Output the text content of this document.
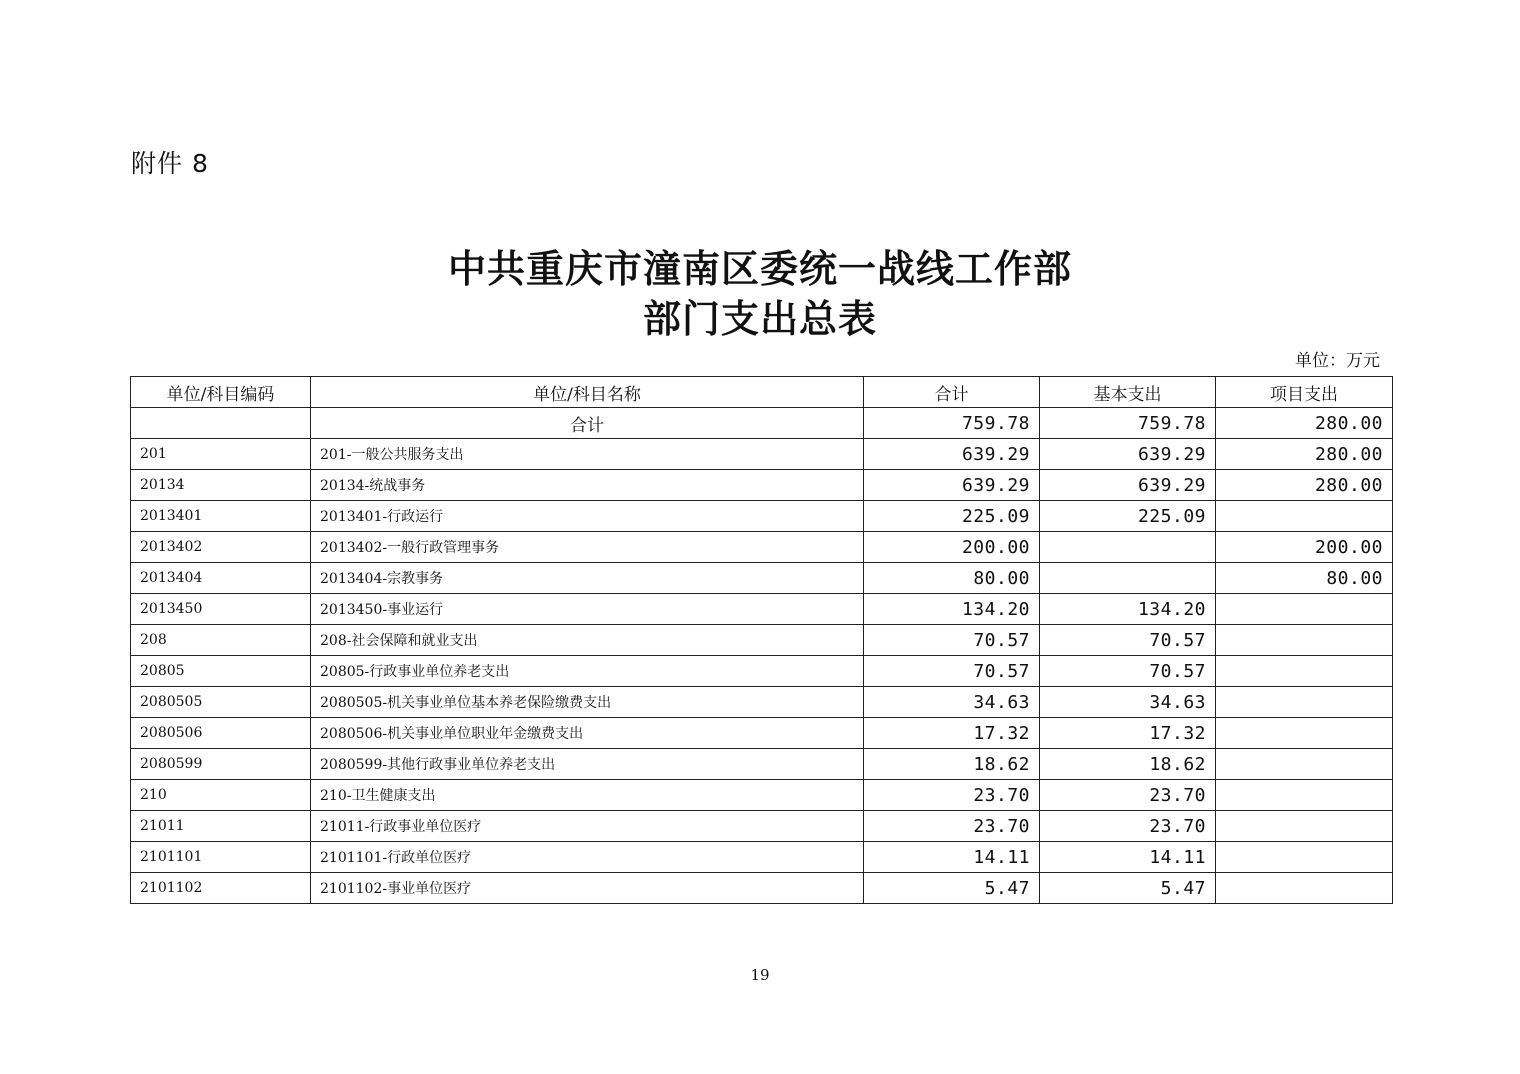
附件 8
中共重庆市潼南区委统一战线工作部
部门支出总表
单位：万元
单位/科目编码	单位/科目名称	合计	基本支出	项目支出
	合计	759.78	759.78	280.00
201	201-一般公共服务支出	639.29	639.29	280.00
20134	20134-统战事务	639.29	639.29	280.00
2013401	2013401-行政运行	225.09	225.09	
2013402	2013402-一般行政管理事务	200.00		200.00
2013404	2013404-宗教事务	80.00		80.00
2013450	2013450-事业运行	134.20	134.20	
208	208-社会保障和就业支出	70.57	70.57	
20805	20805-行政事业单位养老支出	70.57	70.57	
2080505	2080505-机关事业单位基本养老保险缴费支出	34.63	34.63	
2080506	2080506-机关事业单位职业年金缴费支出	17.32	17.32	
2080599	2080599-其他行政事业单位养老支出	18.62	18.62	
210	210-卫生健康支出	23.70	23.70	
21011	21011-行政事业单位医疗	23.70	23.70	
2101101	2101101-行政单位医疗	14.11	14.11	
2101102	2101102-事业单位医疗	5.47	5.47	
19
